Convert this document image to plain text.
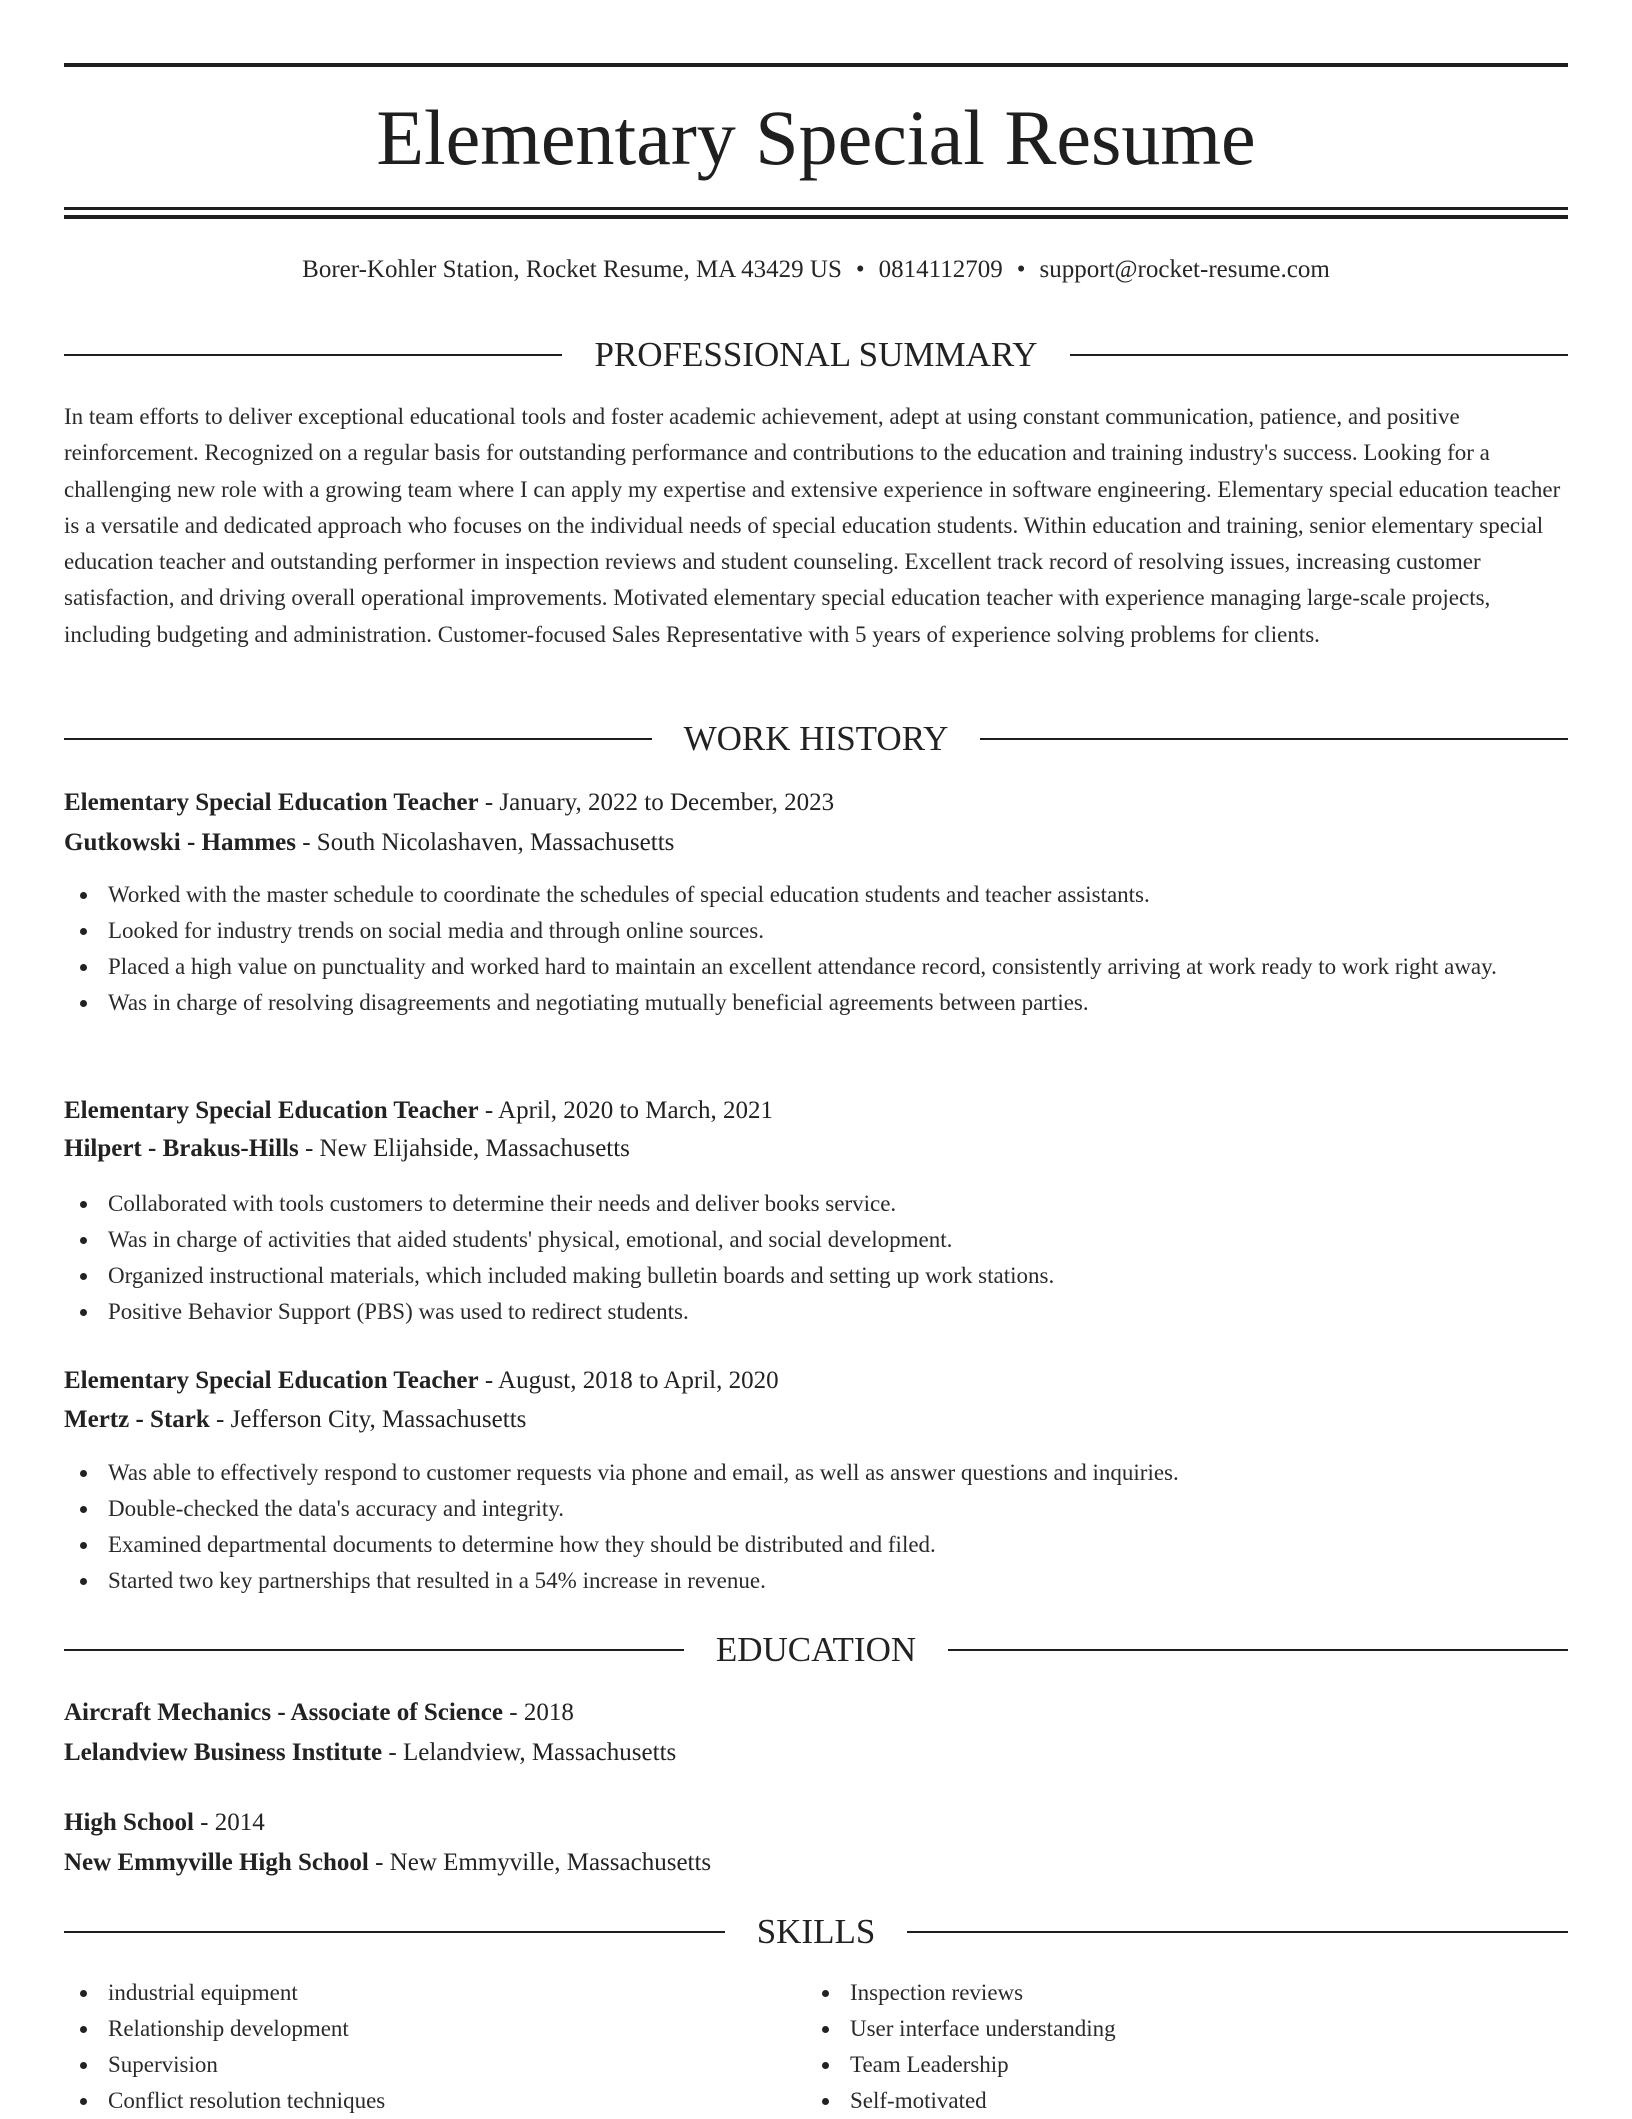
Elementary Special Resume
Borer-Kohler Station, Rocket Resume, MA 43429 US • 0814112709 • support@rocket-resume.com
PROFESSIONAL SUMMARY

In team efforts to deliver exceptional educational tools and foster academic achievement, adept at using constant communication, patience, and positive reinforcement. Recognized on a regular basis for outstanding performance and contributions to the education and training industry's success. Looking for a challenging new role with a growing team where I can apply my expertise and extensive experience in software engineering. Elementary special education teacher is a versatile and dedicated approach who focuses on the individual needs of special education students. Within education and training, senior elementary special education teacher and outstanding performer in inspection reviews and student counseling. Excellent track record of resolving issues, increasing customer satisfaction, and driving overall operational improvements. Motivated elementary special education teacher with experience managing large-scale projects, including budgeting and administration. Customer-focused Sales Representative with 5 years of experience solving problems for clients.

WORK HISTORY
Elementary Special Education Teacher - January, 2022 to December, 2023
Gutkowski - Hammes - South Nicolashaven, Massachusetts
Worked with the master schedule to coordinate the schedules of special education students and teacher assistants.
Looked for industry trends on social media and through online sources.
Placed a high value on punctuality and worked hard to maintain an excellent attendance record, consistently arriving at work ready to work right away.
Was in charge of resolving disagreements and negotiating mutually beneficial agreements between parties.
Elementary Special Education Teacher - April, 2020 to March, 2021
Hilpert - Brakus-Hills - New Elijahside, Massachusetts
Collaborated with tools customers to determine their needs and deliver books service.
Was in charge of activities that aided students' physical, emotional, and social development.
Organized instructional materials, which included making bulletin boards and setting up work stations.
Positive Behavior Support (PBS) was used to redirect students.
Elementary Special Education Teacher - August, 2018 to April, 2020
Mertz - Stark - Jefferson City, Massachusetts
Was able to effectively respond to customer requests via phone and email, as well as answer questions and inquiries.
Double-checked the data's accuracy and integrity.
Examined departmental documents to determine how they should be distributed and filed.
Started two key partnerships that resulted in a 54% increase in revenue.
EDUCATION
Aircraft Mechanics - Associate of Science - 2018
Lelandview Business Institute - Lelandview, Massachusetts
High School - 2014
New Emmyville High School - New Emmyville, Massachusetts
SKILLS
industrial equipment
Relationship development
Supervision
Conflict resolution techniques
Inspection reviews
User interface understanding
Team Leadership
Self-motivated
